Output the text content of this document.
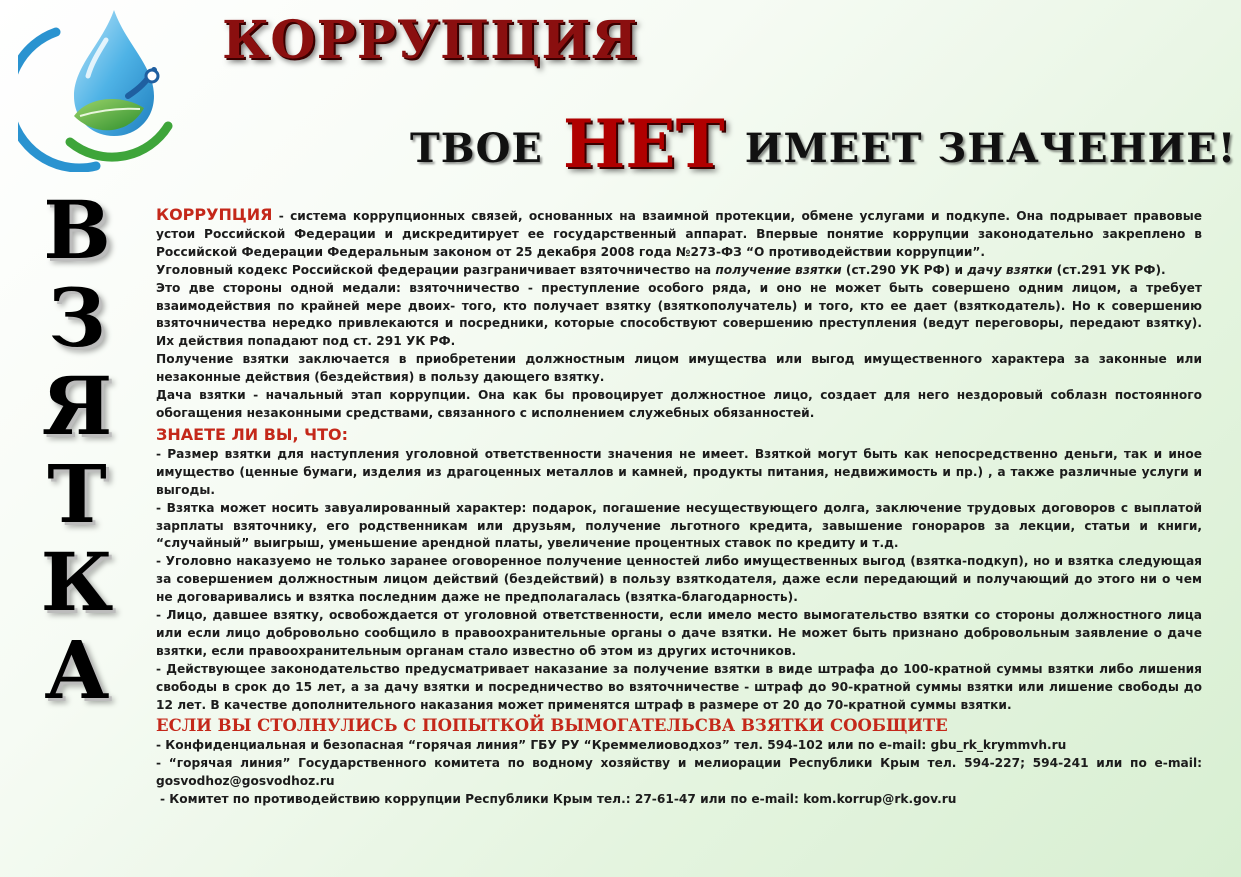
КОРРУПЦИЯ
ТВОЕ НЕТ ИМЕЕТ ЗНАЧЕНИЕ!
В
З
Я
Т
К
А

КОРРУПЦИЯ - система коррупционных связей, основанных на взаимной протекции, обмене услугами и подкупе. Она подрывает правовые устои Российской Федерации и дискредитирует ее государственный аппарат. Впервые понятие коррупции законодательно закреплено в Российской Федерации Федеральным законом от 25 декабря 2008 года №273-ФЗ “О противодействии коррупции”.

Уголовный кодекс Российской федерации разграничивает взяточничество на получение взятки (ст.290 УК РФ) и дачу взятки (ст.291 УК РФ).

Это две стороны одной медали: взяточничество - преступление особого ряда, и оно не может быть совершено одним лицом, а требует взаимодействия по крайней мере двоих- того, кто получает взятку (взяткополучатель) и того, кто ее дает (взяткодатель). Но к совершению взяточничества нередко привлекаются и посредники, которые способствуют совершению преступления (ведут переговоры, передают взятку). Их действия попадают под ст. 291 УК РФ.

Получение взятки заключается в приобретении должностным лицом имущества или выгод имущественного характера за законные или незаконные действия (бездействия) в пользу дающего взятку.

Дача взятки - начальный этап коррупции. Она как бы провоцирует должностное лицо, создает для него нездоровый соблазн постоянного обогащения незаконными средствами, связанного с исполнением служебных обязанностей.

ЗНАЕТЕ ЛИ ВЫ, ЧТО:

- Размер взятки для наступления уголовной ответственности значения не имеет. Взяткой могут быть как непосредственно деньги, так и иное имущество (ценные бумаги, изделия из драгоценных металлов и камней, продукты питания, недвижимость и пр.) , а также различные услуги и выгоды.

- Взятка может носить завуалированный характер: подарок, погашение несуществующего долга, заключение трудовых договоров с выплатой зарплаты взяточнику, его родственникам или друзьям, получение льготного кредита, завышение гонораров за лекции, статьи и книги, “случайный” выигрыш, уменьшение арендной платы, увеличение процентных ставок по кредиту и т.д.

- Уголовно наказуемо не только заранее оговоренное получение ценностей либо имущественных выгод (взятка-подкуп), но и взятка следующая за совершением должностным лицом действий (бездействий) в пользу взяткодателя, даже если передающий и получающий до этого ни о чем не договаривались и взятка последним даже не предполагалась (взятка-благодарность).

- Лицо, давшее взятку, освобождается от уголовной ответственности, если имело место вымогательство взятки со стороны должностного лица или если лицо добровольно сообщило в правоохранительные органы о даче взятки. Не может быть признано добровольным заявление о даче взятки, если правоохранительным органам стало известно об этом из других источников.

- Действующее законодательство предусматривает наказание за получение взятки в виде штрафа до 100-кратной суммы взятки либо лишения свободы в срок до 15 лет, а за дачу взятки и посредничество во взяточничестве - штраф до 90-кратной суммы взятки или лишение свободы до 12 лет. В качестве дополнительного наказания может применятся штраф в размере от 20 до 70-кратной суммы взятки.

ЕСЛИ ВЫ СТОЛНУЛИСЬ С ПОПЫТКОЙ ВЫМОГАТЕЛЬСВА ВЗЯТКИ СООБЩИТЕ

- Конфиденциальная и безопасная “горячая линия” ГБУ РУ “Креммелиоводхоз” тел. 594-102 или по e-mail: gbu_rk_krymmvh.ru

- “горячая линия” Государственного комитета по водному хозяйству и мелиорации Республики Крым тел. 594-227; 594-241 или по e-mail: gosvodhoz@gosvodhoz.ru

- Комитет по противодействию коррупции Республики Крым тел.: 27-61-47 или по e-mail: kom.korrup@rk.gov.ru
